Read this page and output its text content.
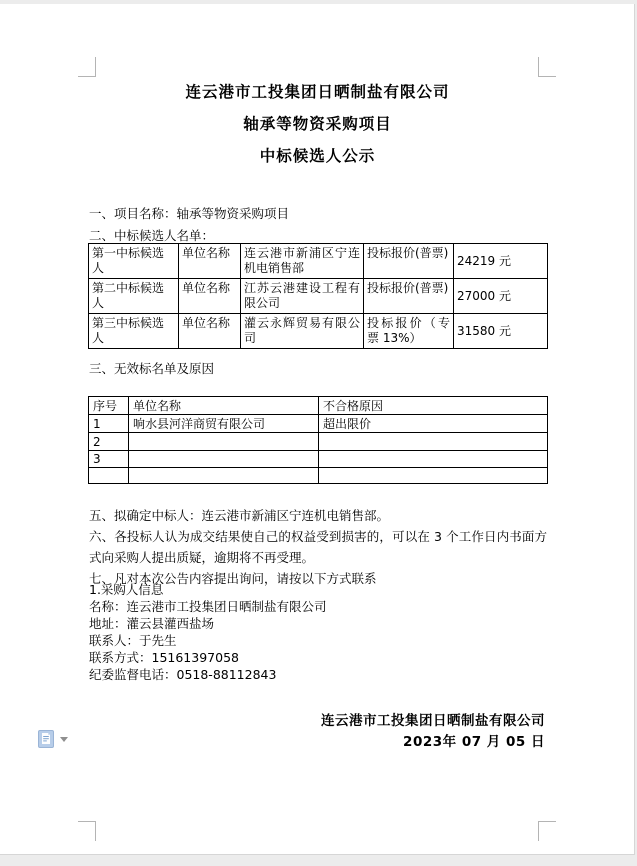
连云港市工投集团日晒制盐有限公司
轴承等物资采购项目
中标候选人公示
一、项目名称：轴承等物资采购项目
二、中标候选人名单：
第一中标候选人	单位名称	连云港市新浦区宁连机电销售部	投标报价(普票)	24219 元
第二中标候选人	单位名称	江苏云港建设工程有限公司	投标报价(普票)	27000 元
第三中标候选人	单位名称	灌云永辉贸易有限公司	投标报价（专票 13%）	31580 元
三、无效标名单及原因
序号	单位名称	不合格原因
1	响水县河洋商贸有限公司	超出限价
2		
3		

五、拟确定中标人：连云港市新浦区宁连机电销售部。
六、各投标人认为成交结果使自己的权益受到损害的，可以在 3 个工作日内书面方式向采购人提出质疑，逾期将不再受理。
七、凡对本次公告内容提出询问，请按以下方式联系
1.采购人信息
名称：连云港市工投集团日晒制盐有限公司
地址：灌云县灌西盐场
联系人：于先生
联系方式：15161397058
纪委监督电话：0518-88112843
连云港市工投集团日晒制盐有限公司
2023年 07 月 05 日
